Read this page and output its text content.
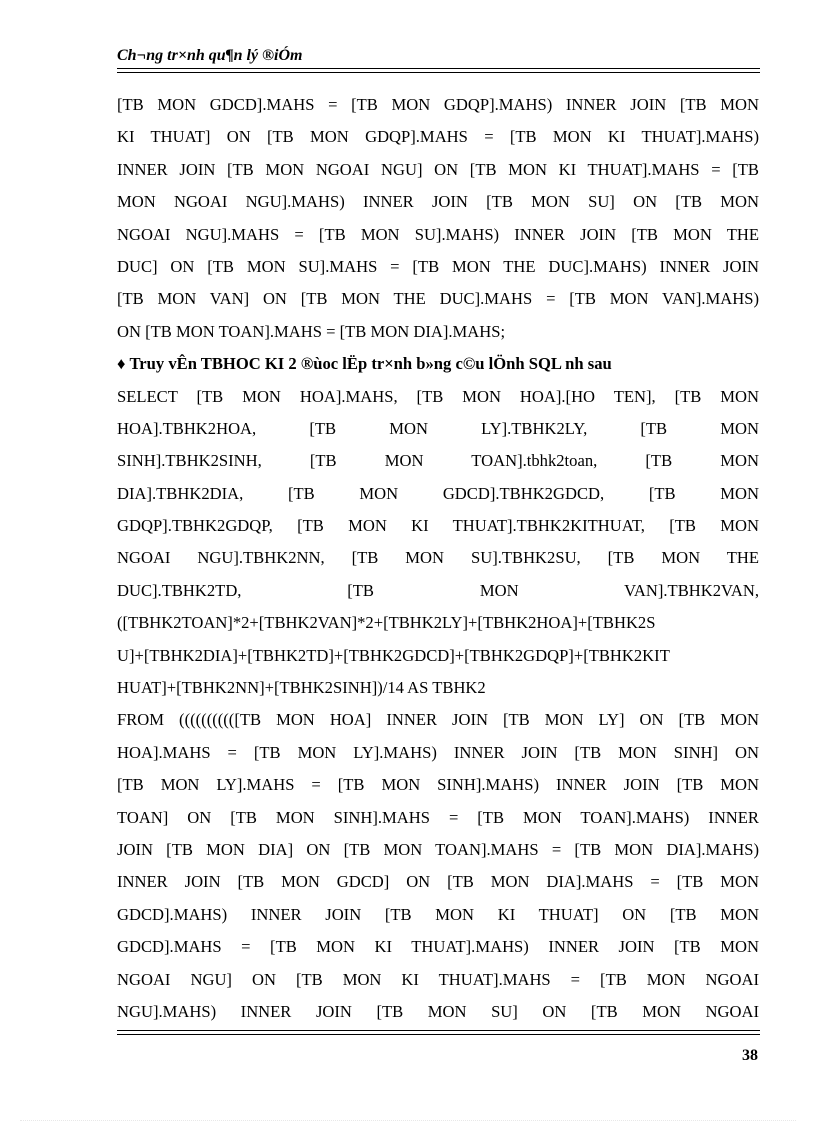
Ch¬ng tr×nh qu¶n lý ®iÓm
[TB MON GDCD].MAHS = [TB MON GDQP].MAHS) INNER JOIN [TB MON
KI THUAT] ON [TB MON GDQP].MAHS = [TB MON KI THUAT].MAHS)
INNER JOIN [TB MON NGOAI NGU] ON [TB MON KI THUAT].MAHS = [TB
MON NGOAI NGU].MAHS) INNER JOIN [TB MON SU] ON [TB MON
NGOAI NGU].MAHS = [TB MON SU].MAHS) INNER JOIN [TB MON THE
DUC] ON [TB MON SU].MAHS = [TB MON THE DUC].MAHS) INNER JOIN
[TB MON VAN] ON [TB MON THE DUC].MAHS = [TB MON VAN].MAHS)
ON [TB MON TOAN].MAHS = [TB MON DIA].MAHS;
♦ Truy vÊn TBHOC KI 2 ®ùoc lËp tr×nh b»ng c©u lÖnh SQL nh sau
SELECT [TB MON HOA].MAHS, [TB MON HOA].[HO TEN], [TB MON
HOA].TBHK2HOA, [TB MON LY].TBHK2LY, [TB MON
SINH].TBHK2SINH, [TB MON TOAN].tbhk2toan, [TB MON
DIA].TBHK2DIA, [TB MON GDCD].TBHK2GDCD, [TB MON
GDQP].TBHK2GDQP, [TB MON KI THUAT].TBHK2KITHUAT, [TB MON
NGOAI NGU].TBHK2NN, [TB MON SU].TBHK2SU, [TB MON THE
DUC].TBHK2TD, [TB MON VAN].TBHK2VAN,
([TBHK2TOAN]*2+[TBHK2VAN]*2+[TBHK2LY]+[TBHK2HOA]+[TBHK2S
U]+[TBHK2DIA]+[TBHK2TD]+[TBHK2GDCD]+[TBHK2GDQP]+[TBHK2KIT
HUAT]+[TBHK2NN]+[TBHK2SINH])/14 AS TBHK2
FROM (((((((((([TB MON HOA] INNER JOIN [TB MON LY] ON [TB MON
HOA].MAHS = [TB MON LY].MAHS) INNER JOIN [TB MON SINH] ON
[TB MON LY].MAHS = [TB MON SINH].MAHS) INNER JOIN [TB MON
TOAN] ON [TB MON SINH].MAHS = [TB MON TOAN].MAHS) INNER
JOIN [TB MON DIA] ON [TB MON TOAN].MAHS = [TB MON DIA].MAHS)
INNER JOIN [TB MON GDCD] ON [TB MON DIA].MAHS = [TB MON
GDCD].MAHS) INNER JOIN [TB MON KI THUAT] ON [TB MON
GDCD].MAHS = [TB MON KI THUAT].MAHS) INNER JOIN [TB MON
NGOAI NGU] ON [TB MON KI THUAT].MAHS = [TB MON NGOAI
NGU].MAHS) INNER JOIN [TB MON SU] ON [TB MON NGOAI
38
